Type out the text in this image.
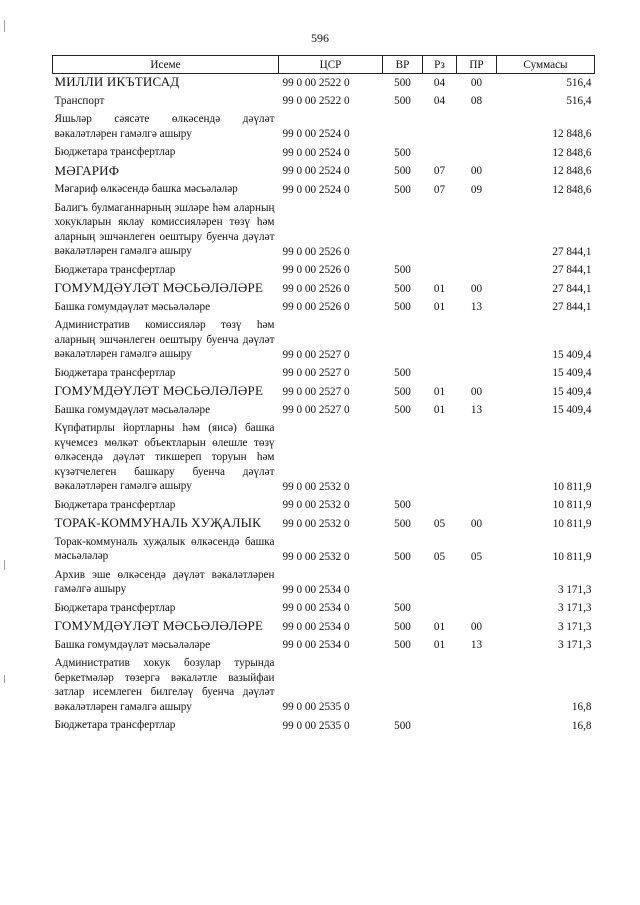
596
Исеме	ЦСР	ВР	Рз	ПР	Суммасы
МИЛЛИ ИКЪТИСАД	99 0 00 2522 0	500	04	00	516,4
Транспорт	99 0 00 2522 0	500	04	08	516,4
Яшьләр сәясәте өлкәсендә дәүләт вәкаләтләрен гамәлгә ашыру	99 0 00 2524 0				12 848,6
Бюджетара трансфертлар	99 0 00 2524 0	500			12 848,6
МӘГАРИФ	99 0 00 2524 0	500	07	00	12 848,6
Мәгариф өлкәсендә башка мәсьәләләр	99 0 00 2524 0	500	07	09	12 848,6
Балигъ булмаганнарның эшләре һәм аларның хокукларын яклау комиссияләрен төзү һәм аларның эшчәнлеген оештыру буенча дәүләт вәкаләтләрен гамәлгә ашыру	99 0 00 2526 0				27 844,1
Бюджетара трансфертлар	99 0 00 2526 0	500			27 844,1
ГОМУМДӘҮЛӘТ МӘСЬӘЛӘЛӘРЕ	99 0 00 2526 0	500	01	00	27 844,1
Башка гомумдәүләт мәсьәләләре	99 0 00 2526 0	500	01	13	27 844,1
Административ комиссияләр төзү һәм аларның эшчәнлеген оештыру буенча дәүләт вәкаләтләрен гамәлгә ашыру	99 0 00 2527 0				15 409,4
Бюджетара трансфертлар	99 0 00 2527 0	500			15 409,4
ГОМУМДӘҮЛӘТ МӘСЬӘЛӘЛӘРЕ	99 0 00 2527 0	500	01	00	15 409,4
Башка гомумдәүләт мәсьәләләре	99 0 00 2527 0	500	01	13	15 409,4
Күпфатирлы йортларны һәм (яисә) башка күчемсез мөлкәт объектларын өлешле төзү өлкәсендә дәүләт тикшереп торуын һәм күзәтчелеген башкару буенча дәүләт вәкаләтләрен гамәлгә ашыру	99 0 00 2532 0				10 811,9
Бюджетара трансфертлар	99 0 00 2532 0	500			10 811,9
ТОРАК-КОММУНАЛЬ ХУҖАЛЫК	99 0 00 2532 0	500	05	00	10 811,9
Торак-коммуналь хуҗалык өлкәсендә башка мәсьәләләр	99 0 00 2532 0	500	05	05	10 811,9
Архив эше өлкәсендә дәүләт вәкаләтләрен гамәлгә ашыру	99 0 00 2534 0				3 171,3
Бюджетара трансфертлар	99 0 00 2534 0	500			3 171,3
ГОМУМДӘҮЛӘТ МӘСЬӘЛӘЛӘРЕ	99 0 00 2534 0	500	01	00	3 171,3
Башка гомумдәүләт мәсьәләләре	99 0 00 2534 0	500	01	13	3 171,3
Административ хокук бозулар турында беркетмәләр төзергә вәкаләтле вазыйфаи затлар исемлеген билгеләү буенча дәүләт вәкаләтләрен гамәлгә ашыру	99 0 00 2535 0				16,8
Бюджетара трансфертлар	99 0 00 2535 0	500			16,8
